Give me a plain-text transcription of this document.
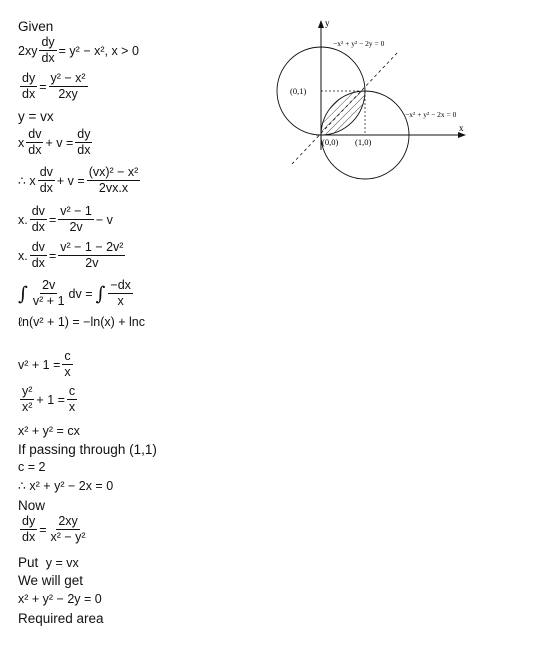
Given
$2xy \frac{dy}{dx} = y^2 - x^2$, x > 0
$\frac{dy}{dx} = \frac{\text{y² − x²}}{2xy}$
y = vx
x $\frac{dv}{dx} + v = \frac{dy}{dx}$
∴ x $\frac{dv}{dx} + v = \frac{\text{(vx)² − x²}}{2vx.x}$
x. $\frac{dv}{dx} = \frac{\text{v² − 1}}{2v} - v$
x. $\frac{dv}{dx} = \frac{\text{v² − 1 − 2v²}}{2v}$
∫ $\frac{2v}{\text{v² + 1}}$ dv = ∫ $\frac{-dx}{x}$
ℓn(v² + 1) = −ln(x) + lnc
$v^2 + 1 = \frac{c}{x}$
$\frac{\text{y²}}{\text{x²}} + 1 = \frac{c}{x}$
x² + y² = cx
If passing through (1,1)
c = 2
∴ x² + y² − 2x = 0
Now
$\frac{dy}{dx} = \frac{2xy}{\text{x² − y²}}$
Put y = vx
We will get
x² + y² − 2y = 0
Required area
y
x
−x² + y² − 2y = 0
−x² + y² − 2x = 0
(0,1)
(0,0) (1,0)
